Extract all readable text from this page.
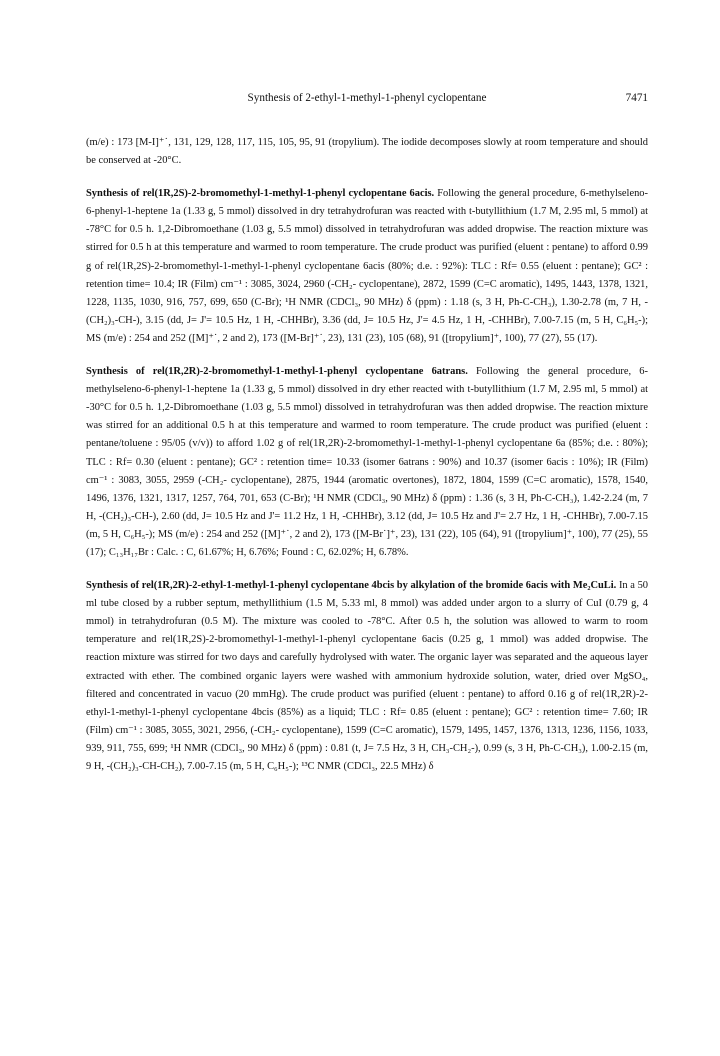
Synthesis of 2-ethyl-1-methyl-1-phenyl cyclopentane	7471

(m/e) : 173 [M-I]⁺˙, 131, 129, 128, 117, 115, 105, 95, 91 (tropylium). The iodide decomposes slowly at room temperature and should be conserved at -20°C.

Synthesis of rel(1R,2S)-2-bromomethyl-1-methyl-1-phenyl cyclopentane 6acis. Following the general procedure, 6-methylseleno-6-phenyl-1-heptene 1a (1.33 g, 5 mmol) dissolved in dry tetrahydrofuran was reacted with t-butyllithium (1.7 M, 2.95 ml, 5 mmol) at -78°C for 0.5 h. 1,2-Dibromoethane (1.03 g, 5.5 mmol) dissolved in tetrahydrofuran was added dropwise. The reaction mixture was stirred for 0.5 h at this temperature and warmed to room temperature. The crude product was purified (eluent : pentane) to afford 0.99 g of rel(1R,2S)-2-bromomethyl-1-methyl-1-phenyl cyclopentane 6acis (80%; d.e. : 92%): TLC : Rf= 0.55 (eluent : pentane); GC² : retention time= 10.4; IR (Film) cm⁻¹ : 3085, 3024, 2960 (-CH₂- cyclopentane), 2872, 1599 (C=C aromatic), 1495, 1443, 1378, 1321, 1228, 1135, 1030, 916, 757, 699, 650 (C-Br); ¹H NMR (CDCl₃, 90 MHz) δ (ppm) : 1.18 (s, 3 H, Ph-C-CH₃), 1.30-2.78 (m, 7 H, -(CH₂)₃-CH-), 3.15 (dd, J= J'= 10.5 Hz, 1 H, -CHHBr), 3.36 (dd, J= 10.5 Hz, J'= 4.5 Hz, 1 H, -CHHBr), 7.00-7.15 (m, 5 H, C₆H₅-); MS (m/e) : 254 and 252 ([M]⁺˙, 2 and 2), 173 ([M-Br]⁺˙, 23), 131 (23), 105 (68), 91 ([tropylium]⁺, 100), 77 (27), 55 (17).

Synthesis of rel(1R,2R)-2-bromomethyl-1-methyl-1-phenyl cyclopentane 6atrans. Following the general procedure, 6-methylseleno-6-phenyl-1-heptene 1a (1.33 g, 5 mmol) dissolved in dry ether reacted with t-butyllithium (1.7 M, 2.95 ml, 5 mmol) at -30°C for 0.5 h. 1,2-Dibromoethane (1.03 g, 5.5 mmol) dissolved in tetrahydrofuran was then added dropwise. The reaction mixture was stirred for an additional 0.5 h at this temperature and warmed to room temperature. The crude product was purified (eluent : pentane/toluene : 95/05 (v/v)) to afford 1.02 g of rel(1R,2R)-2-bromomethyl-1-methyl-1-phenyl cyclopentane 6a (85%; d.e. : 80%); TLC : Rf= 0.30 (eluent : pentane); GC² : retention time= 10.33 (isomer 6atrans : 90%) and 10.37 (isomer 6acis : 10%); IR (Film) cm⁻¹ : 3083, 3055, 2959 (-CH₂- cyclopentane), 2875, 1944 (aromatic overtones), 1872, 1804, 1599 (C=C aromatic), 1578, 1540, 1496, 1376, 1321, 1317, 1257, 764, 701, 653 (C-Br); ¹H NMR (CDCl₃, 90 MHz) δ (ppm) : 1.36 (s, 3 H, Ph-C-CH₃), 1.42-2.24 (m, 7 H, -(CH₂)₃-CH-), 2.60 (dd, J= 10.5 Hz and J'= 11.2 Hz, 1 H, -CHHBr), 3.12 (dd, J= 10.5 Hz and J'= 2.7 Hz, 1 H, -CHHBr), 7.00-7.15 (m, 5 H, C₆H₅-); MS (m/e) : 254 and 252 ([M]⁺˙, 2 and 2), 173 ([M-Br˙]⁺, 23), 131 (22), 105 (64), 91 ([tropylium]⁺, 100), 77 (25), 55 (17); C₁₃H₁₇Br : Calc. : C, 61.67%; H, 6.76%; Found : C, 62.02%; H, 6.78%.

Synthesis of rel(1R,2R)-2-ethyl-1-methyl-1-phenyl cyclopentane 4bcis by alkylation of the bromide 6acis with Me₂CuLi. In a 50 ml tube closed by a rubber septum, methyllithium (1.5 M, 5.33 ml, 8 mmol) was added under argon to a slurry of CuI (0.79 g, 4 mmol) in tetrahydrofuran (0.5 M). The mixture was cooled to -78°C. After 0.5 h, the solution was allowed to warm to room temperature and rel(1R,2S)-2-bromomethyl-1-methyl-1-phenyl cyclopentane 6acis (0.25 g, 1 mmol) was added dropwise. The reaction mixture was stirred for two days and carefully hydrolysed with water. The organic layer was separated and the aqueous layer extracted with ether. The combined organic layers were washed with ammonium hydroxide solution, water, dried over MgSO₄, filtered and concentrated in vacuo (20 mmHg). The crude product was purified (eluent : pentane) to afford 0.16 g of rel(1R,2R)-2-ethyl-1-methyl-1-phenyl cyclopentane 4bcis (85%) as a liquid; TLC : Rf= 0.85 (eluent : pentane); GC² : retention time= 7.60; IR (Film) cm⁻¹ : 3085, 3055, 3021, 2956, (-CH₂- cyclopentane), 1599 (C=C aromatic), 1579, 1495, 1457, 1376, 1313, 1236, 1156, 1033, 939, 911, 755, 699; ¹H NMR (CDCl₃, 90 MHz) δ (ppm) : 0.81 (t, J= 7.5 Hz, 3 H, CH₃-CH₂-), 0.99 (s, 3 H, Ph-C-CH₃), 1.00-2.15 (m, 9 H, -(CH₂)₃-CH-CH₂), 7.00-7.15 (m, 5 H, C₆H₅-); ¹³C NMR (CDCl₃, 22.5 MHz) δ
